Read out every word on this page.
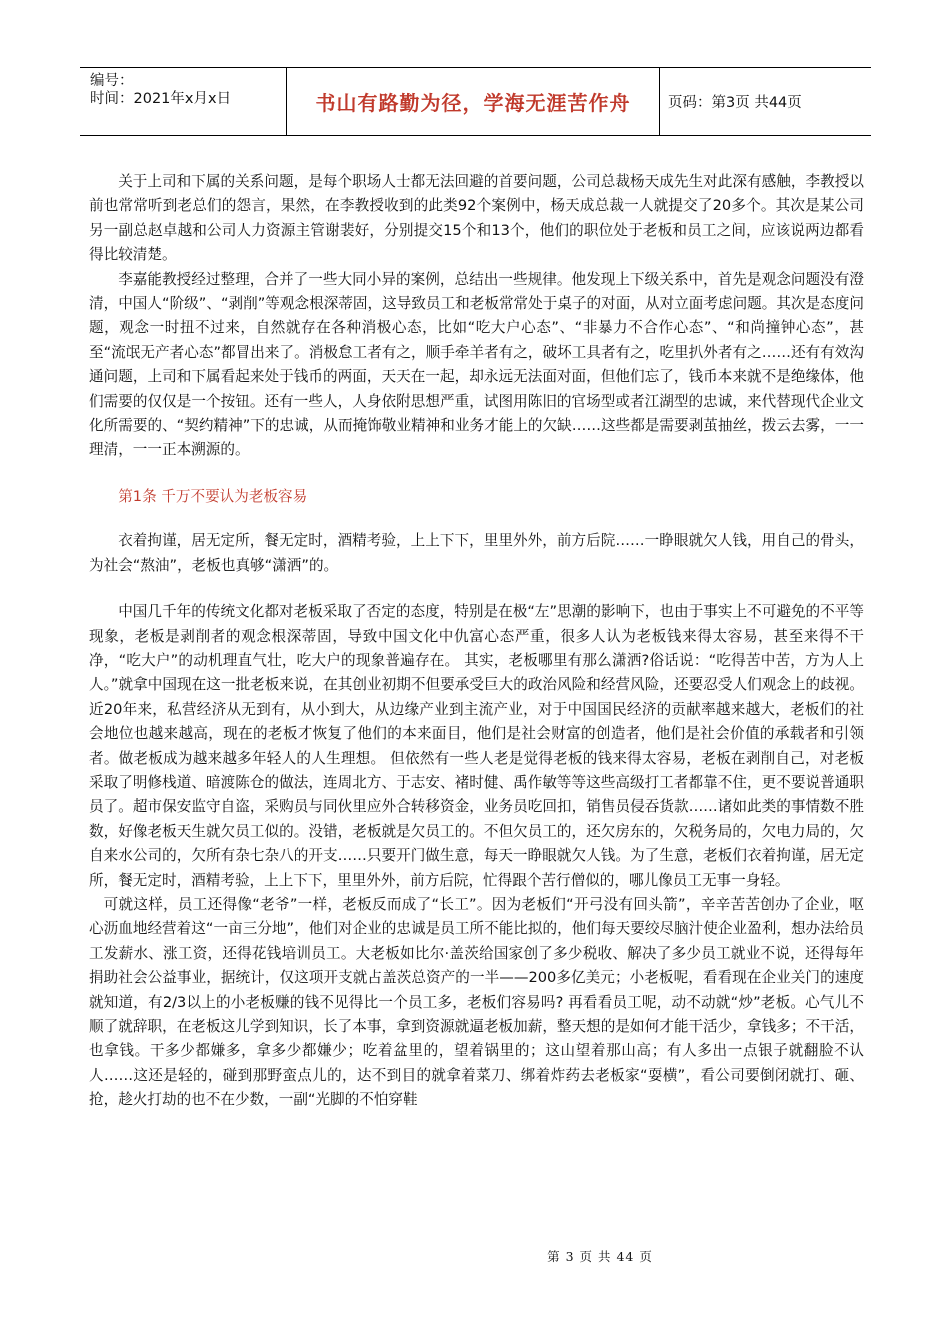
编号：
时间：2021年x月x日	书山有路勤为径，学海无涯苦作舟	页码：第3页 共44页

关于上司和下属的关系问题，是每个职场人士都无法回避的首要问题，公司总裁杨天成先生对此深有感触，李教授以前也常常听到老总们的怨言，果然，在李教授收到的此类92个案例中，杨天成总裁一人就提交了20多个。其次是某公司另一副总赵卓越和公司人力资源主管谢裴好，分别提交15个和13个，他们的职位处于老板和员工之间，应该说两边都看得比较清楚。

李嘉能教授经过整理，合并了一些大同小异的案例，总结出一些规律。他发现上下级关系中，首先是观念问题没有澄清，中国人“阶级”、“剥削”等观念根深蒂固，这导致员工和老板常常处于桌子的对面，从对立面考虑问题。其次是态度问题，观念一时扭不过来，自然就存在各种消极心态，比如“吃大户心态”、“非暴力不合作心态”、“和尚撞钟心态”，甚至“流氓无产者心态”都冒出来了。消极怠工者有之，顺手牵羊者有之，破坏工具者有之，吃里扒外者有之……还有有效沟通问题，上司和下属看起来处于钱币的两面，天天在一起，却永远无法面对面，但他们忘了，钱币本来就不是绝缘体，他们需要的仅仅是一个按钮。还有一些人，人身依附思想严重，试图用陈旧的官场型或者江湖型的忠诚，来代替现代企业文化所需要的、“契约精神”下的忠诚，从而掩饰敬业精神和业务才能上的欠缺……这些都是需要剥茧抽丝，拨云去雾，一一理清，一一正本溯源的。

第1条 千万不要认为老板容易

衣着拘谨，居无定所，餐无定时，酒精考验，上上下下，里里外外，前方后院……一睁眼就欠人钱，用自己的骨头，为社会“熬油”，老板也真够“潇洒”的。

中国几千年的传统文化都对老板采取了否定的态度，特别是在极“左”思潮的影响下，也由于事实上不可避免的不平等现象，老板是剥削者的观念根深蒂固，导致中国文化中仇富心态严重，很多人认为老板钱来得太容易，甚至来得不干净，“吃大户”的动机理直气壮，吃大户的现象普遍存在。 其实，老板哪里有那么潇洒?俗话说：“吃得苦中苦，方为人上人。”就拿中国现在这一批老板来说，在其创业初期不但要承受巨大的政治风险和经营风险，还要忍受人们观念上的歧视。近20年来，私营经济从无到有，从小到大，从边缘产业到主流产业，对于中国国民经济的贡献率越来越大，老板们的社会地位也越来越高，现在的老板才恢复了他们的本来面目，他们是社会财富的创造者，他们是社会价值的承载者和引领者。做老板成为越来越多年轻人的人生理想。 但依然有一些人老是觉得老板的钱来得太容易，老板在剥削自己，对老板采取了明修栈道、暗渡陈仓的做法，连周北方、于志安、褚时健、禹作敏等等这些高级打工者都靠不住，更不要说普通职员了。超市保安监守自盗，采购员与同伙里应外合转移资金，业务员吃回扣，销售员侵吞货款……诸如此类的事情数不胜数，好像老板天生就欠员工似的。没错，老板就是欠员工的。不但欠员工的，还欠房东的，欠税务局的，欠电力局的，欠自来水公司的，欠所有杂七杂八的开支……只要开门做生意，每天一睁眼就欠人钱。为了生意，老板们衣着拘谨，居无定所，餐无定时，酒精考验，上上下下，里里外外，前方后院，忙得跟个苦行僧似的，哪儿像员工无事一身轻。

可就这样，员工还得像“老爷”一样，老板反而成了“长工”。因为老板们“开弓没有回头箭”，辛辛苦苦创办了企业，呕心沥血地经营着这“一亩三分地”，他们对企业的忠诚是员工所不能比拟的，他们每天要绞尽脑汁使企业盈利，想办法给员工发薪水、涨工资，还得花钱培训员工。大老板如比尔·盖茨给国家创了多少税收、解决了多少员工就业不说，还得每年捐助社会公益事业，据统计，仅这项开支就占盖茨总资产的一半——200多亿美元；小老板呢，看看现在企业关门的速度就知道，有2/3以上的小老板赚的钱不见得比一个员工多，老板们容易吗? 再看看员工呢，动不动就“炒”老板。心气儿不顺了就辞职，在老板这儿学到知识，长了本事，拿到资源就逼老板加薪，整天想的是如何才能干活少，拿钱多；不干活，也拿钱。干多少都嫌多，拿多少都嫌少；吃着盆里的，望着锅里的；这山望着那山高；有人多出一点银子就翻脸不认人……这还是轻的，碰到那野蛮点儿的，达不到目的就拿着菜刀、绑着炸药去老板家“耍横”，看公司要倒闭就打、砸、抢，趁火打劫的也不在少数，一副“光脚的不怕穿鞋

第 3 页 共 44 页
